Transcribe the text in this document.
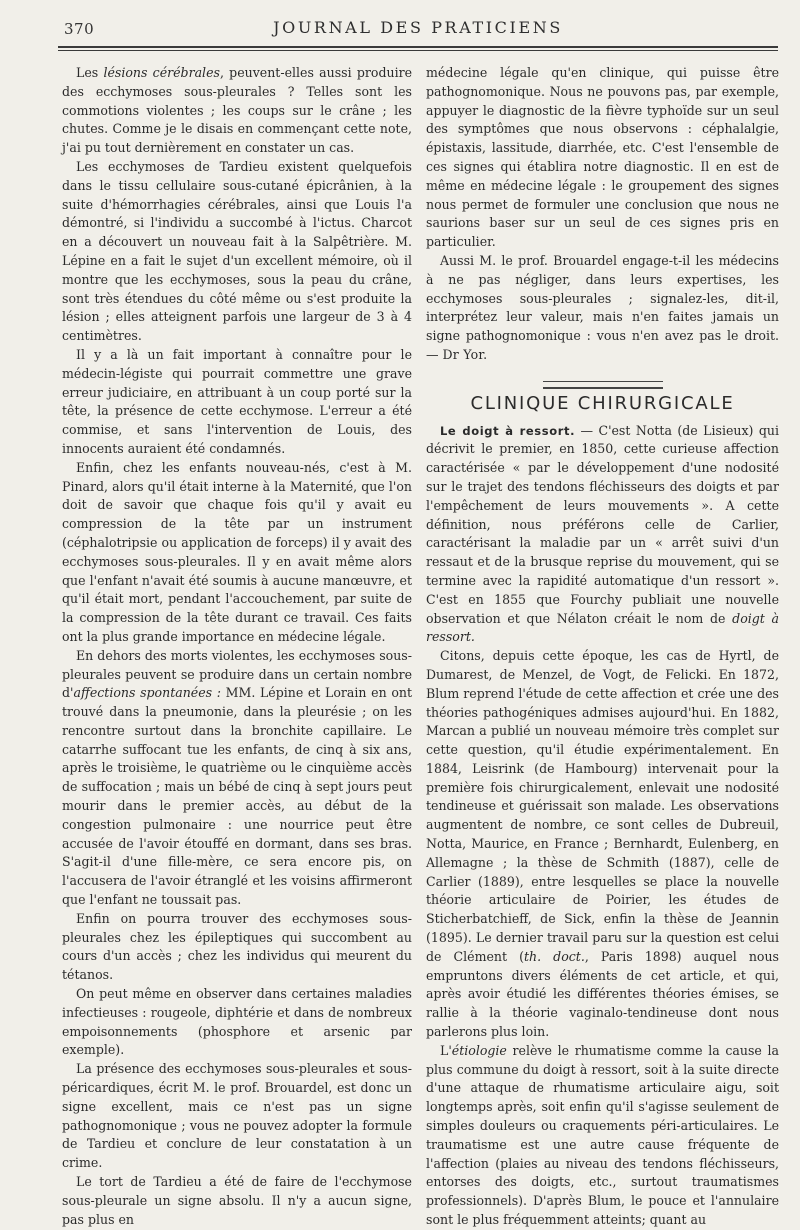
370	JOURNAL DES PRATICIENS

Les lésions cérébrales, peuvent-elles aussi produire des ecchymoses sous-pleurales ? Telles sont les commotions violentes ; les coups sur le crâne ; les chutes. Comme je le disais en commençant cette note, j'ai pu tout dernièrement en constater un cas.

Les ecchymoses de Tardieu existent quelquefois dans le tissu cellulaire sous-cutané épicrânien, à la suite d'hémorrhagies cérébrales, ainsi que Louis l'a démontré, si l'individu a succombé à l'ictus. Charcot en a découvert un nouveau fait à la Salpêtrière. M. Lépine en a fait le sujet d'un excellent mémoire, où il montre que les ecchymoses, sous la peau du crâne, sont très étendues du côté même ou s'est produite la lésion ; elles atteignent parfois une largeur de 3 à 4 centimètres.

Il y a là un fait important à connaître pour le médecin-légiste qui pourrait commettre une grave erreur judiciaire, en attribuant à un coup porté sur la tête, la présence de cette ecchymose. L'erreur a été commise, et sans l'intervention de Louis, des innocents auraient été condamnés.

Enfin, chez les enfants nouveau-nés, c'est à M. Pinard, alors qu'il était interne à la Maternité, que l'on doit de savoir que chaque fois qu'il y avait eu compression de la tête par un instrument (céphalotripsie ou application de forceps) il y avait des ecchymoses sous-pleurales. Il y en avait même alors que l'enfant n'avait été soumis à aucune manœuvre, et qu'il était mort, pendant l'accouchement, par suite de la compression de la tête durant ce travail. Ces faits ont la plus grande importance en médecine légale.

En dehors des morts violentes, les ecchymoses sous-pleurales peuvent se produire dans un certain nombre d'affections spontanées : MM. Lépine et Lorain en ont trouvé dans la pneumonie, dans la pleurésie ; on les rencontre surtout dans la bronchite capillaire. Le catarrhe suffocant tue les enfants, de cinq à six ans, après le troisième, le quatrième ou le cinquième accès de suffocation ; mais un bébé de cinq à sept jours peut mourir dans le premier accès, au début de la congestion pulmonaire : une nourrice peut être accusée de l'avoir étouffé en dormant, dans ses bras. S'agit-il d'une fille-mère, ce sera encore pis, on l'accusera de l'avoir étranglé et les voisins affirmeront que l'enfant ne toussait pas.

Enfin on pourra trouver des ecchymoses sous-pleurales chez les épileptiques qui succombent au cours d'un accès ; chez les individus qui meurent du tétanos.

On peut même en observer dans certaines maladies infectieuses : rougeole, diphtérie et dans de nombreux empoisonnements (phosphore et arsenic par exemple).

La présence des ecchymoses sous-pleurales et sous-péricardiques, écrit M. le prof. Brouardel, est donc un signe excellent, mais ce n'est pas un signe pathognomonique ; vous ne pouvez adopter la formule de Tardieu et conclure de leur constatation à un crime.

Le tort de Tardieu a été de faire de l'ecchymose sous-pleurale un signe absolu. Il n'y a aucun signe, pas plus en

médecine légale qu'en clinique, qui puisse être pathognomonique. Nous ne pouvons pas, par exemple, appuyer le diagnostic de la fièvre typhoïde sur un seul des symptômes que nous observons : céphalalgie, épistaxis, lassitude, diarrhée, etc. C'est l'ensemble de ces signes qui établira notre diagnostic. Il en est de même en médecine légale : le groupement des signes nous permet de formuler une conclusion que nous ne saurions baser sur un seul de ces signes pris en particulier.

Aussi M. le prof. Brouardel engage-t-il les médecins à ne pas négliger, dans leurs expertises, les ecchymoses sous-pleurales ; signalez-les, dit-il, interprétez leur valeur, mais n'en faites jamais un signe pathognomonique : vous n'en avez pas le droit. — Dr Yor.

CLINIQUE CHIRURGICALE

Le doigt à ressort. — C'est Notta (de Lisieux) qui décrivit le premier, en 1850, cette curieuse affection caractérisée « par le développement d'une nodosité sur le trajet des tendons fléchisseurs des doigts et par l'empêchement de leurs mouvements ». A cette définition, nous préférons celle de Carlier, caractérisant la maladie par un « arrêt suivi d'un ressaut et de la brusque reprise du mouvement, qui se termine avec la rapidité automatique d'un ressort ». C'est en 1855 que Fourchy publiait une nouvelle observation et que Nélaton créait le nom de doigt à ressort.

Citons, depuis cette époque, les cas de Hyrtl, de Dumarest, de Menzel, de Vogt, de Felicki. En 1872, Blum reprend l'étude de cette affection et crée une des théories pathogéniques admises aujourd'hui. En 1882, Marcan a publié un nouveau mémoire très complet sur cette question, qu'il étudie expérimentalement. En 1884, Leisrink (de Hambourg) intervenait pour la première fois chirurgicalement, enlevait une nodosité tendineuse et guérissait son malade. Les observations augmentent de nombre, ce sont celles de Dubreuil, Notta, Maurice, en France ; Bernhardt, Eulenberg, en Allemagne ; la thèse de Schmith (1887), celle de Carlier (1889), entre lesquelles se place la nouvelle théorie articulaire de Poirier, les études de Sticherbatchieff, de Sick, enfin la thèse de Jeannin (1895). Le dernier travail paru sur la question est celui de Clément (th. doct., Paris 1898) auquel nous empruntons divers éléments de cet article, et qui, après avoir étudié les différentes théories émises, se rallie à la théorie vaginalo-tendineuse dont nous parlerons plus loin.

L'étiologie relève le rhumatisme comme la cause la plus commune du doigt à ressort, soit à la suite directe d'une attaque de rhumatisme articulaire aigu, soit longtemps après, soit enfin qu'il s'agisse seulement de simples douleurs ou craquements péri-articulaires. Le traumatisme est une autre cause fréquente de l'affection (plaies au niveau des tendons fléchisseurs, entorses des doigts, etc., surtout traumatismes professionnels). D'après Blum, le pouce et l'annulaire sont le plus fréquemment atteints; quant au
